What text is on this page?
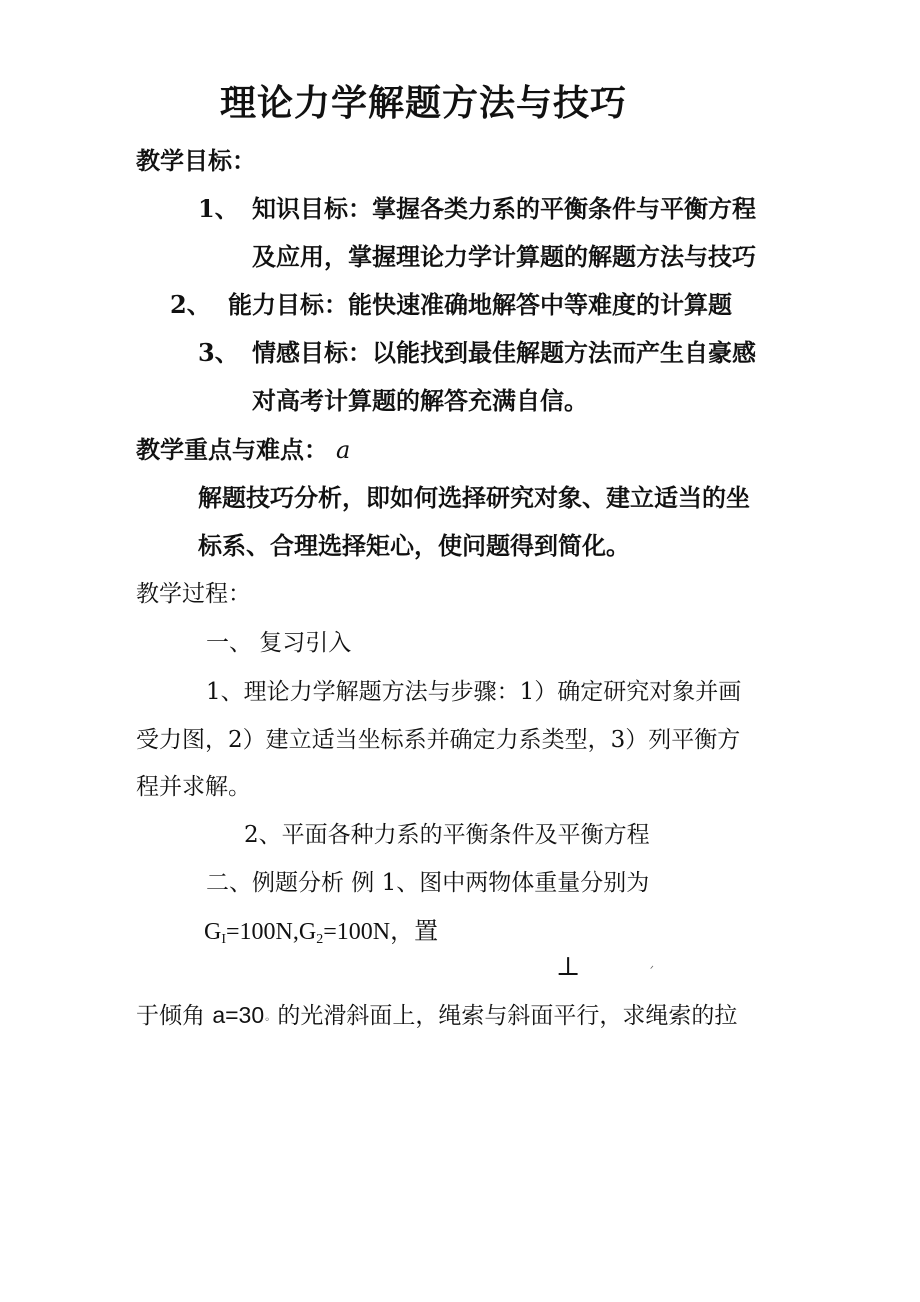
理论力学解题方法与技巧
教学目标：
1、 知识目标：掌握各类力系的平衡条件与平衡方程
及应用，掌握理论力学计算题的解题方法与技巧
2、 能力目标：能快速准确地解答中等难度的计算题
3、 情感目标：以能找到最佳解题方法而产生自豪感
对高考计算题的解答充满自信。
教学重点与难点： a
解题技巧分析，即如何选择研究对象、建立适当的坐
标系、合理选择矩心，使问题得到简化。
教学过程：
一、 复习引入
1、理论力学解题方法与步骤：1）确定研究对象并画
受力图，2）建立适当坐标系并确定力系类型，3）列平衡方
程并求解。
2、平面各种力系的平衡条件及平衡方程
二、例题分析 例 1、图中两物体重量分别为
$G_I=100N,G_2=100N$，置
⊥	ᐟ
于倾角 a=30◦ 的光滑斜面上，绳索与斜面平行，求绳索的拉
